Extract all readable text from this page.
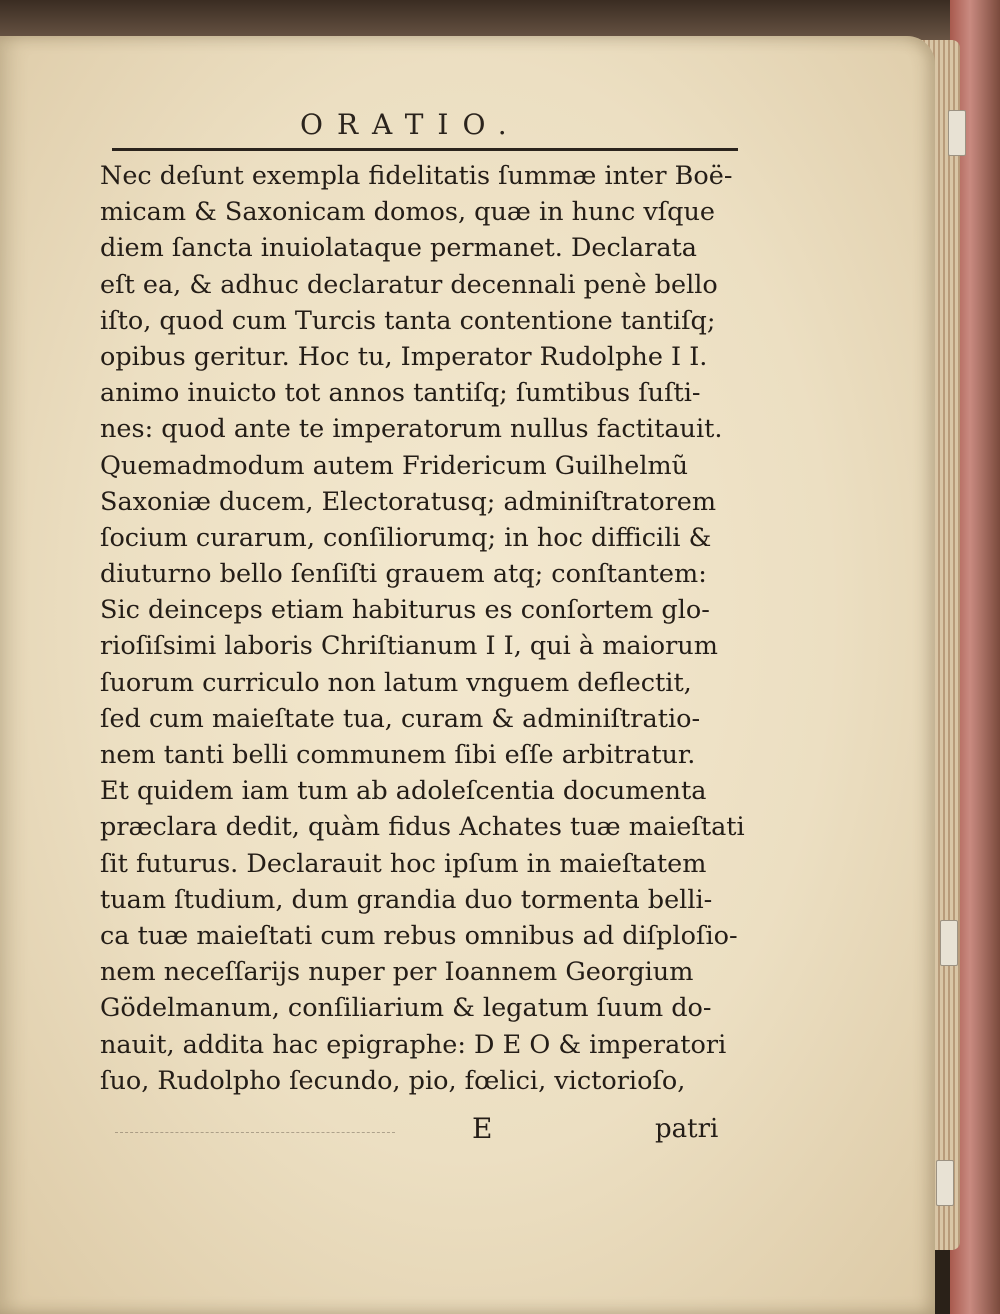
ORATIO.
Nec deſunt exempla fidelitatis ſummæ inter Boë-
micam & Saxonicam domos, quæ in hunc vſque
diem ſancta inuiolataque permanet. Declarata
eſt ea, & adhuc declaratur decennali penè bello
iſto, quod cum Turcis tanta contentione tantiſq;
opibus geritur. Hoc tu, Imperator Rudolphe I I.
animo inuicto tot annos tantiſq; ſumtibus ſuſti-
nes: quod ante te imperatorum nullus factitauit.
Quemadmodum autem Fridericum Guilhelmũ
Saxoniæ ducem, Electoratusq; adminiſtratorem
ſocium curarum, conſiliorumq; in hoc difficili &
diuturno bello ſenſiſti grauem atq; conſtantem:
Sic deinceps etiam habiturus es conſortem glo-
rioſiſsimi laboris Chriſtianum I I, qui à maiorum
ſuorum curriculo non latum vnguem deflectit,
ſed cum maieſtate tua, curam & adminiſtratio-
nem tanti belli communem ſibi eſſe arbitratur.
Et quidem iam tum ab adoleſcentia documenta
præclara dedit, quàm fidus Achates tuæ maieſtati
ſit futurus. Declarauit hoc ipſum in maieſtatem
tuam ſtudium, dum grandia duo tormenta belli-
ca tuæ maieſtati cum rebus omnibus ad diſploſio-
nem neceſſarijs nuper per Ioannem Georgium
Gödelmanum, conſiliarium & legatum ſuum do-
nauit, addita hac epigraphe: D E O & imperatori
ſuo, Rudolpho ſecundo, pio, fœlici, victorioſo,
E	patri
